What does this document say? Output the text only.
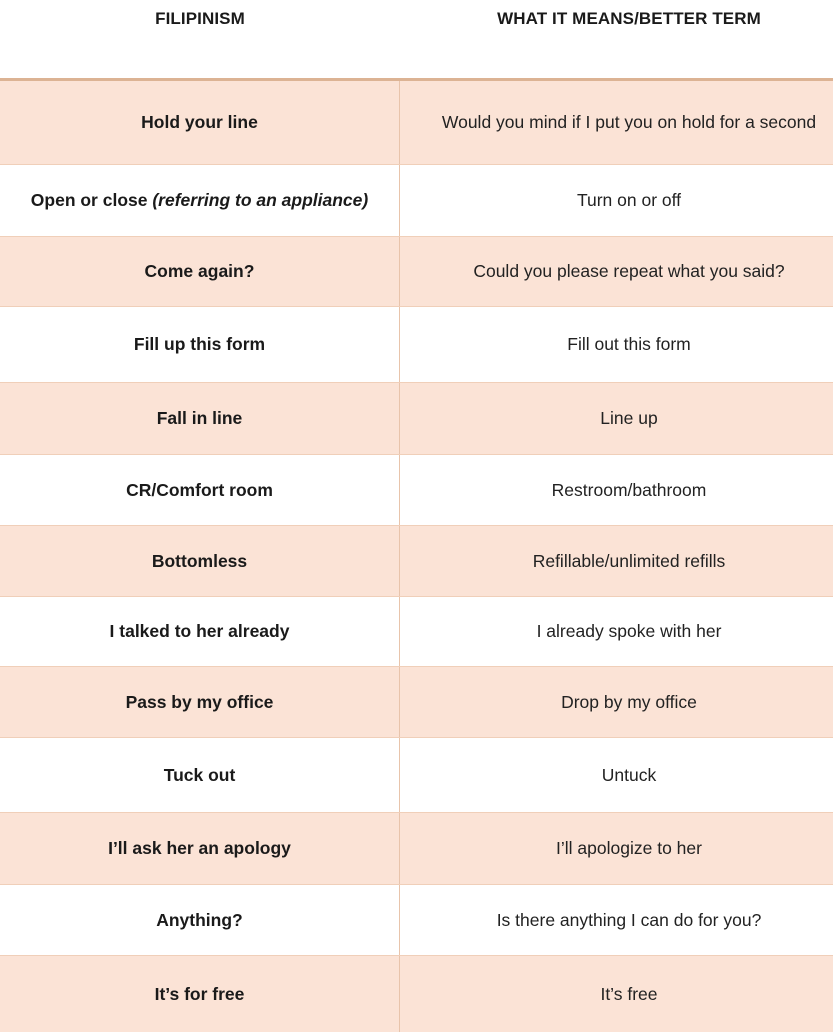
FILIPINISM	WHAT IT MEANS/BETTER TERM
Hold your line	Would you mind if I put you on hold for a second
Open or close (referring to an appliance)	Turn on or off
Come again?	Could you please repeat what you said?
Fill up this form	Fill out this form
Fall in line	Line up
CR/Comfort room	Restroom/bathroom
Bottomless	Refillable/unlimited refills
I talked to her already	I already spoke with her
Pass by my office	Drop by my office
Tuck out	Untuck
I’ll ask her an apology	I’ll apologize to her
Anything?	Is there anything I can do for you?
It’s for free	It’s free
